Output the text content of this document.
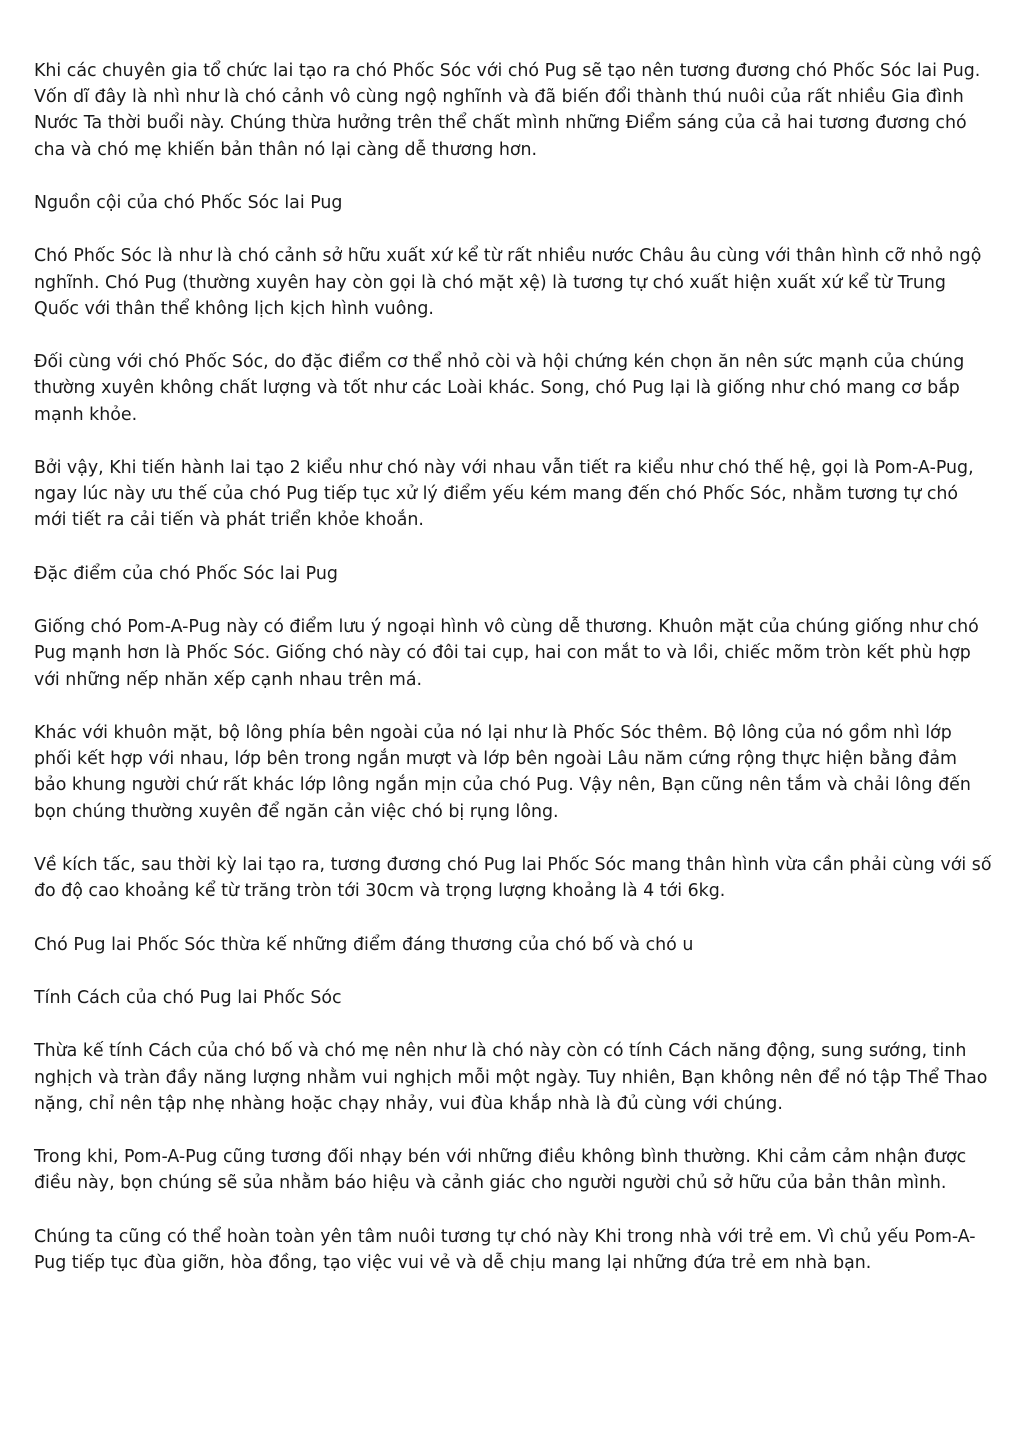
Khi các chuyên gia tổ chức lai tạo ra chó Phốc Sóc với chó Pug sẽ tạo nên tương đương chó Phốc Sóc lai Pug. Vốn dĩ đây là nhì như là chó cảnh vô cùng ngộ nghĩnh và đã biến đổi thành thú nuôi của rất nhiều Gia đình Nước Ta thời buổi này. Chúng thừa hưởng trên thể chất mình những Điểm sáng của cả hai tương đương chó cha và chó mẹ khiến bản thân nó lại càng dễ thương hơn.

Nguồn cội của chó Phốc Sóc lai Pug

Chó Phốc Sóc là như là chó cảnh sở hữu xuất xứ kể từ rất nhiều nước Châu âu cùng với thân hình cỡ nhỏ ngộ nghĩnh. Chó Pug (thường xuyên hay còn gọi là chó mặt xệ) là tương tự chó xuất hiện xuất xứ kể từ Trung Quốc với thân thể không lịch kịch hình vuông.

Đối cùng với chó Phốc Sóc, do đặc điểm cơ thể nhỏ còi và hội chứng kén chọn ăn nên sức mạnh của chúng thường xuyên không chất lượng và tốt như các Loài khác. Song, chó Pug lại là giống như chó mang cơ bắp mạnh khỏe.

Bởi vậy, Khi tiến hành lai tạo 2 kiểu như chó này với nhau vẫn tiết ra kiểu như chó thế hệ, gọi là Pom-A-Pug, ngay lúc này ưu thế của chó Pug tiếp tục xử lý điểm yếu kém mang đến chó Phốc Sóc, nhằm tương tự chó mới tiết ra cải tiến và phát triển khỏe khoắn.

Đặc điểm của chó Phốc Sóc lai Pug

Giống chó Pom-A-Pug này có điểm lưu ý ngoại hình vô cùng dễ thương. Khuôn mặt của chúng giống như chó Pug mạnh hơn là Phốc Sóc. Giống chó này có đôi tai cụp, hai con mắt to và lồi, chiếc mõm tròn kết phù hợp với những nếp nhăn xếp cạnh nhau trên má.

Khác với khuôn mặt, bộ lông phía bên ngoài của nó lại như là Phốc Sóc thêm. Bộ lông của nó gồm nhì lớp phối kết hợp với nhau, lớp bên trong ngắn mượt và lớp bên ngoài Lâu năm cứng rộng thực hiện bằng đảm bảo khung người chứ rất khác lớp lông ngắn mịn của chó Pug. Vậy nên, Bạn cũng nên tắm và chải lông đến bọn chúng thường xuyên để ngăn cản việc chó bị rụng lông.

Về kích tấc, sau thời kỳ lai tạo ra, tương đương chó Pug lai Phốc Sóc mang thân hình vừa cần phải cùng với số đo độ cao khoảng kể từ trăng tròn tới 30cm và trọng lượng khoảng là 4 tới 6kg.

Chó Pug lai Phốc Sóc thừa kế những điểm đáng thương của chó bố và chó u

Tính Cách của chó Pug lai Phốc Sóc

Thừa kế tính Cách của chó bố và chó mẹ nên như là chó này còn có tính Cách năng động, sung sướng, tinh nghịch và tràn đầy năng lượng nhằm vui nghịch mỗi một ngày. Tuy nhiên, Bạn không nên để nó tập Thể Thao nặng, chỉ nên tập nhẹ nhàng hoặc chạy nhảy, vui đùa khắp nhà là đủ cùng với chúng.

Trong khi, Pom-A-Pug cũng tương đối nhạy bén với những điều không bình thường. Khi cảm cảm nhận được điều này, bọn chúng sẽ sủa nhằm báo hiệu và cảnh giác cho người người chủ sở hữu của bản thân mình.

Chúng ta cũng có thể hoàn toàn yên tâm nuôi tương tự chó này Khi trong nhà với trẻ em. Vì chủ yếu Pom-A-Pug tiếp tục đùa giỡn, hòa đồng, tạo việc vui vẻ và dễ chịu mang lại những đứa trẻ em nhà bạn.
